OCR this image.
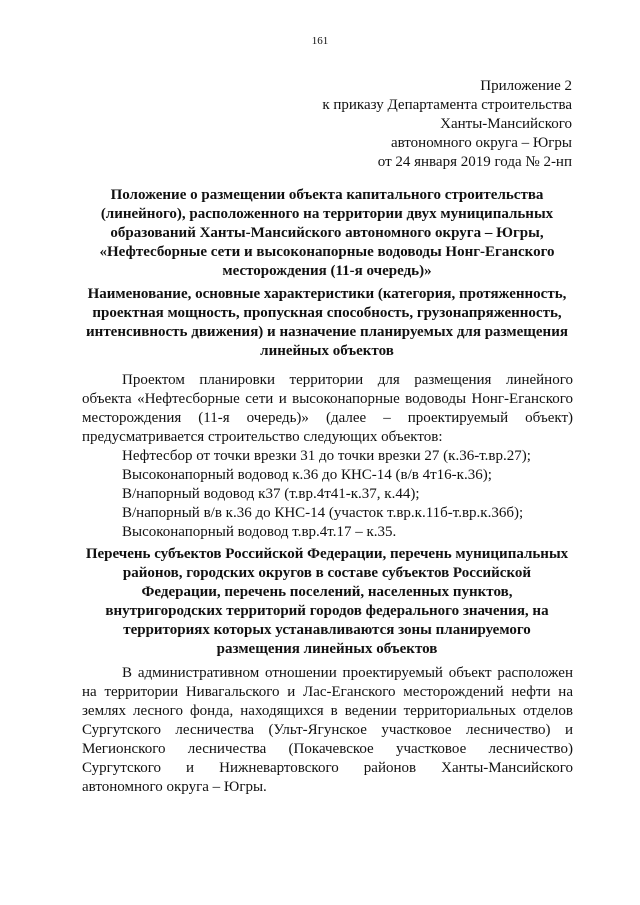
161
Приложение 2
к приказу Департамента строительства
Ханты-Мансийского
автономного округа – Югры
от 24 января 2019 года № 2-нп
Положение о размещении объекта капитального строительства
(линейного), расположенного на территории двух муниципальных
образований Ханты-Мансийского автономного округа – Югры,
«Нефтесборные сети и высоконапорные водоводы Нонг-Еганского
месторождения (11-я очередь)»
Наименование, основные характеристики (категория, протяженность,
проектная мощность, пропускная способность, грузонапряженность,
интенсивность движения) и назначение планируемых для размещения
линейных объектов
Проектом планировки территории для размещения линейного
объекта «Нефтесборные сети и высоконапорные водоводы Нонг-Еганского
месторождения (11-я очередь)» (далее – проектируемый объект)
предусматривается строительство следующих объектов:
Нефтесбор от точки врезки 31 до точки врезки 27 (к.36-т.вр.27);
Высоконапорный водовод к.36 до КНС-14 (в/в 4т16-к.36);
В/напорный водовод к37 (т.вр.4т41-к.37, к.44);
В/напорный в/в к.36 до КНС-14 (участок т.вр.к.11б-т.вр.к.36б);
Высоконапорный водовод т.вр.4т.17 – к.35.
Перечень субъектов Российской Федерации, перечень муниципальных
районов, городских округов в составе субъектов Российской
Федерации, перечень поселений, населенных пунктов,
внутригородских территорий городов федерального значения, на
территориях которых устанавливаются зоны планируемого
размещения линейных объектов
В административном отношении проектируемый объект расположен
на территории Нивагальского и Лас-Еганского месторождений нефти на
землях лесного фонда, находящихся в ведении территориальных отделов
Сургутского лесничества (Ульт-Ягунское участковое лесничество) и
Мегионского лесничества (Покачевское участковое лесничество)
Сургутского и Нижневартовского районов Ханты-Мансийского
автономного округа – Югры.
